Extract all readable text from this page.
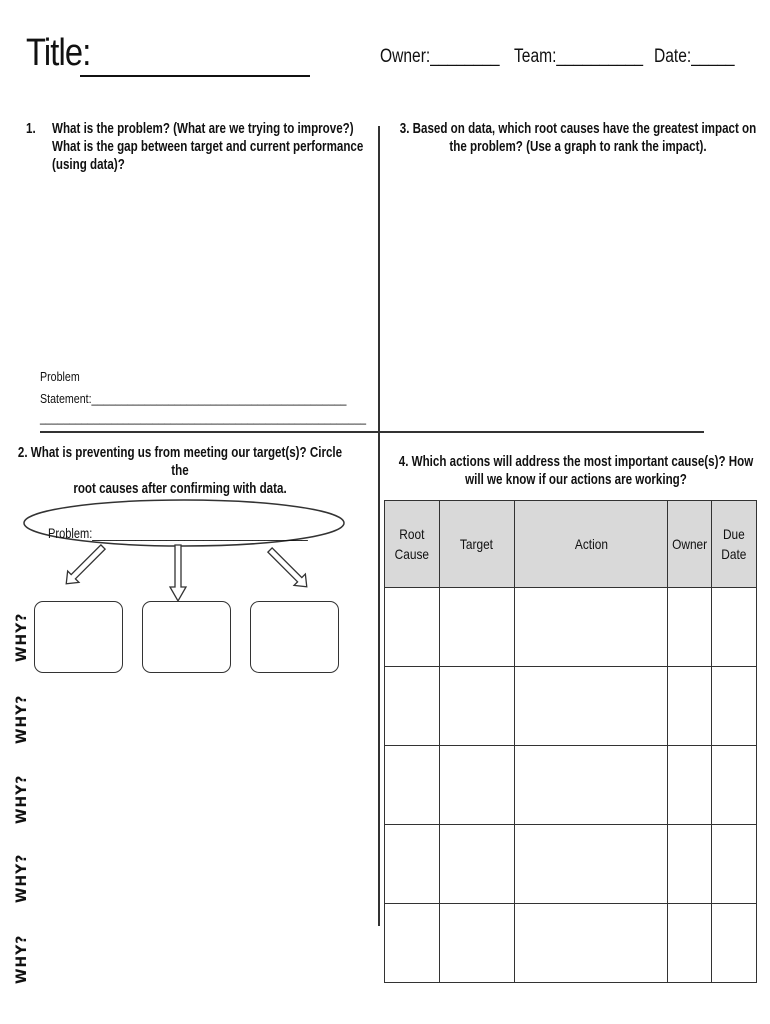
Title:	Owner:________ Team:__________ Date:_____
1. What is the problem? (What are we trying to improve?)
What is the gap between target and current performance
(using data)?
Problem
Statement:___________________________________________
_______________________________________________________
3. Based on data, which root causes have the greatest impact on
the problem? (Use a graph to rank the impact).
2. What is preventing us from meeting our target(s)? Circle the
root causes after confirming with data.
Problem:___________________________________
WHY?
WHY?
WHY?
WHY?
WHY?
4. Which actions will address the most important cause(s)? How
will we know if our actions are working?
Root Cause	Target	Action	Owner	Due Date
